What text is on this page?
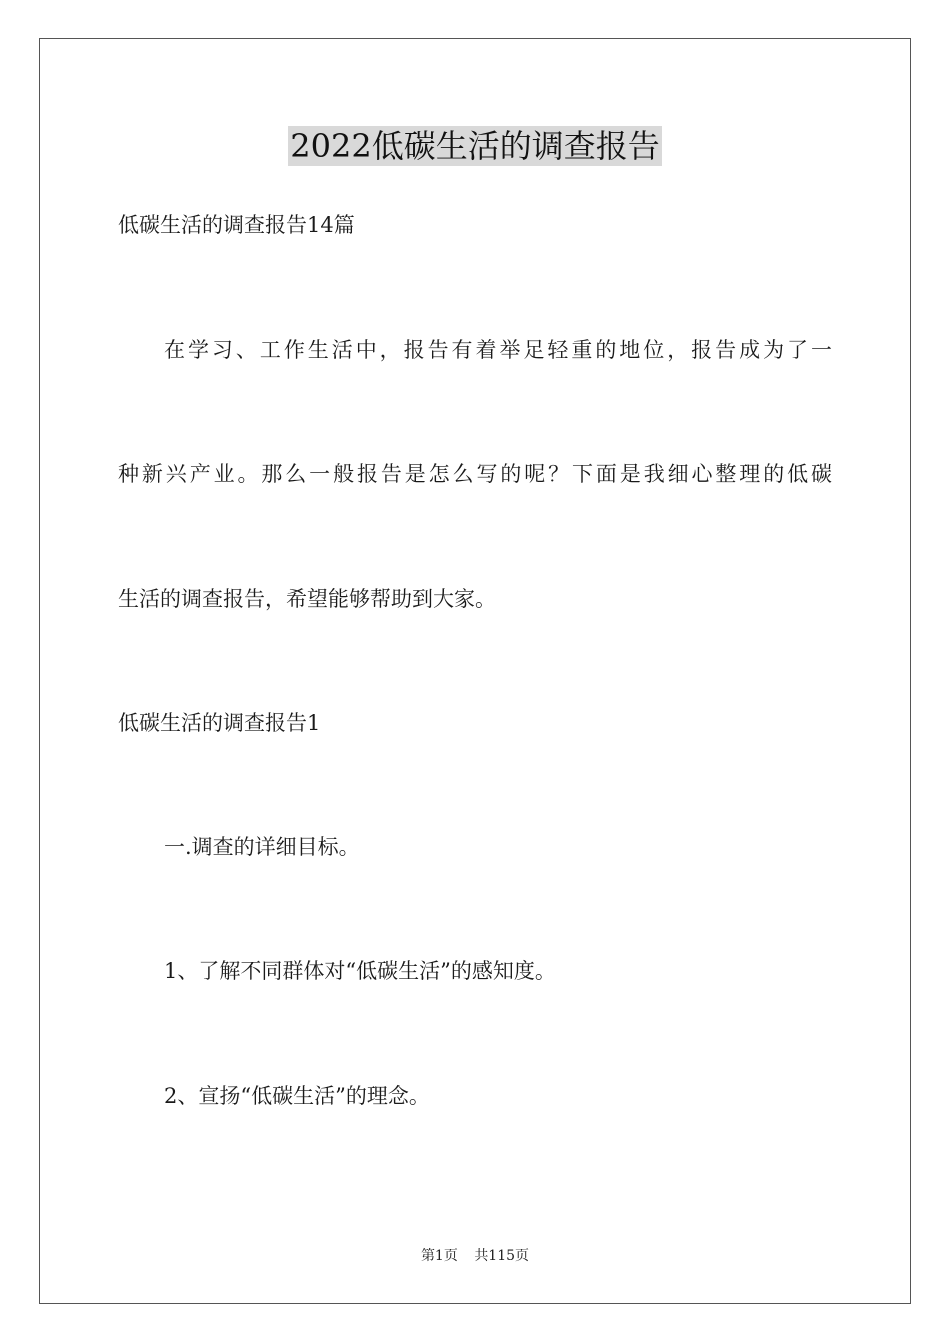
2022低碳生活的调查报告
低碳生活的调查报告14篇
在学习、工作生活中，报告有着举足轻重的地位，报告成为了一
种新兴产业。那么一般报告是怎么写的呢？下面是我细心整理的低碳
生活的调查报告，希望能够帮助到大家。
低碳生活的调查报告1
一.调查的详细目标。
1、了解不同群体对“低碳生活”的感知度。
2、宣扬“低碳生活”的理念。
第1页 共115页
